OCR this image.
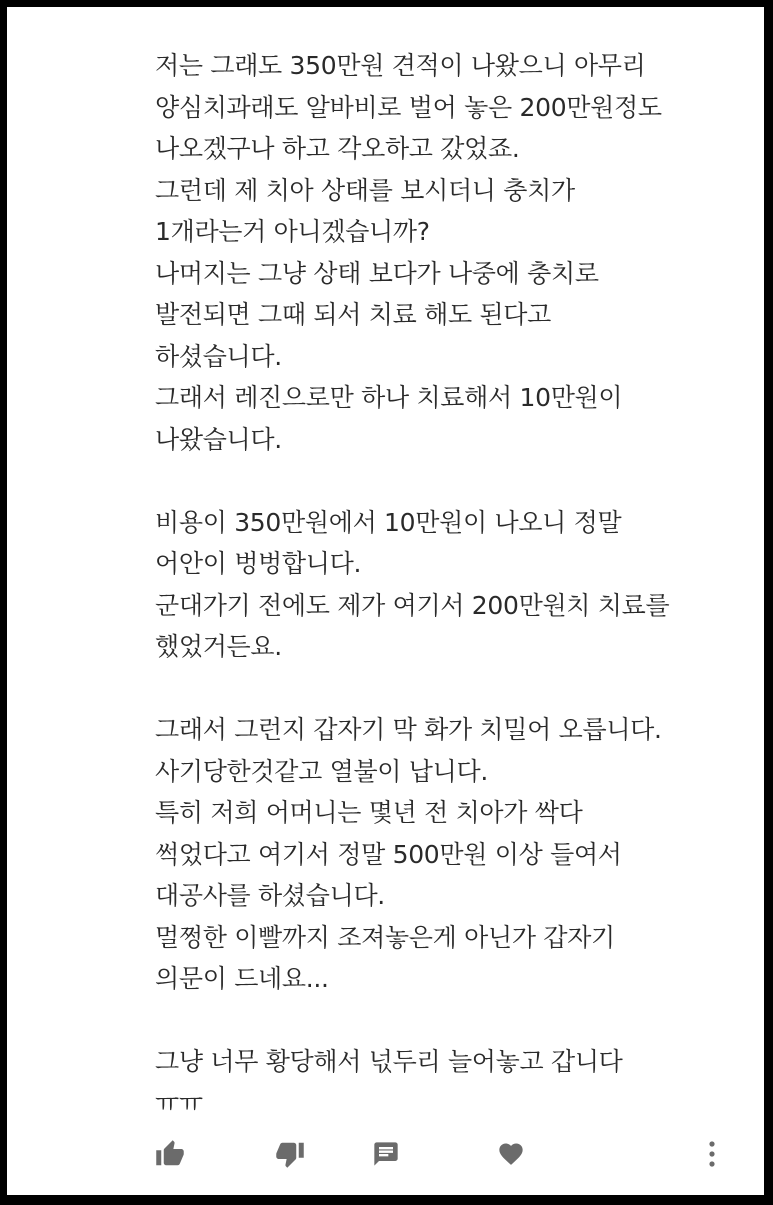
저는 그래도 350만원 견적이 나왔으니 아무리
양심치과래도 알바비로 벌어 놓은 200만원정도
나오겠구나 하고 각오하고 갔었죠.
그런데 제 치아 상태를 보시더니 충치가
1개라는거 아니겠습니까?
나머지는 그냥 상태 보다가 나중에 충치로
발전되면 그때 되서 치료 해도 된다고
하셨습니다.
그래서 레진으로만 하나 치료해서 10만원이
나왔습니다.
비용이 350만원에서 10만원이 나오니 정말
어안이 벙벙합니다.
군대가기 전에도 제가 여기서 200만원치 치료를
했었거든요.
그래서 그런지 갑자기 막 화가 치밀어 오릅니다.
사기당한것같고 열불이 납니다.
특히 저희 어머니는 몇년 전 치아가 싹다
썩었다고 여기서 정말 500만원 이상 들여서
대공사를 하셨습니다.
멀쩡한 이빨까지 조져놓은게 아닌가 갑자기
의문이 드네요...
그냥 너무 황당해서 넋두리 늘어놓고 갑니다
ㅠㅠ
